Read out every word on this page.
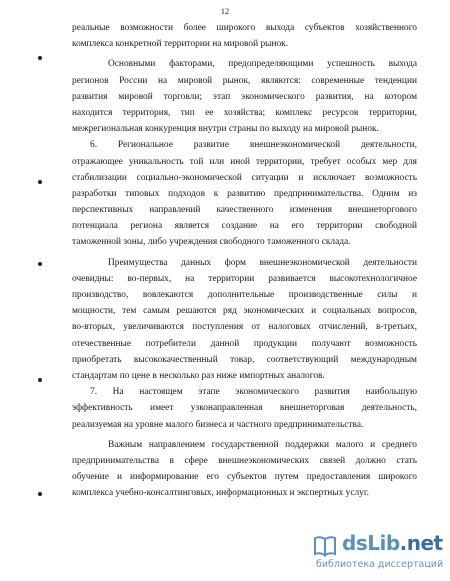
12
реальные возможности более широкого выхода субъектов хозяйственного
комплекса конкретной территории на мировой рынок.
Основными факторами, предопределяющими успешность выхода
регионов России на мировой рынок, являются: современные тенденции
развития мировой торговли; этап экономического развития, на котором
находится территория, тип ее хозяйства; комплекс ресурсов территории,
межрегиональная конкуренция внутри страны по выходу на мировой рынок.
6. Региональное развитие внешнеэкономической деятельности,
отражающее уникальность той или иной территории, требует особых мер для
стабилизации социально-экономической ситуации и исключает возможность
разработки типовых подходов к развитию предпринимательства. Одним из
перспективных направлений качественного изменения внешнеторгового
потенциала региона является создание на его территории свободной
таможенной зоны, либо учреждения свободного таможенного склада.
Преимущества данных форм внешнеэкономической деятельности
очевидны: во-первых, на территории развивается высокотехнологичное
производство, вовлекаются дополнительные производственные силы и
мощности, тем самым решаются ряд экономических и социальных вопросов,
во-вторых, увеличиваются поступления от налоговых отчислений, в-третьих,
отечественные потребители данной продукции получают возможность
приобретать высококачественный товар, соответствующий международным
стандартам по цене в несколько раз ниже импортных аналогов.
7. На настоящем этапе экономического развития наибольшую
эффективность имеет узконаправленная внешнеторговая деятельность,
реализуемая на уровне малого бизнеса и частного предпринимательства.
Важным направлением государственной поддержки малого и среднего
предпринимательства в сфере внешнеэкономических связей должно стать
обучение и информирование его субъектов путем предоставления широкого
комплекса учебно-консалтинговых, информационных и экспертных услуг.
dsLib.net
библиотека диссертаций
